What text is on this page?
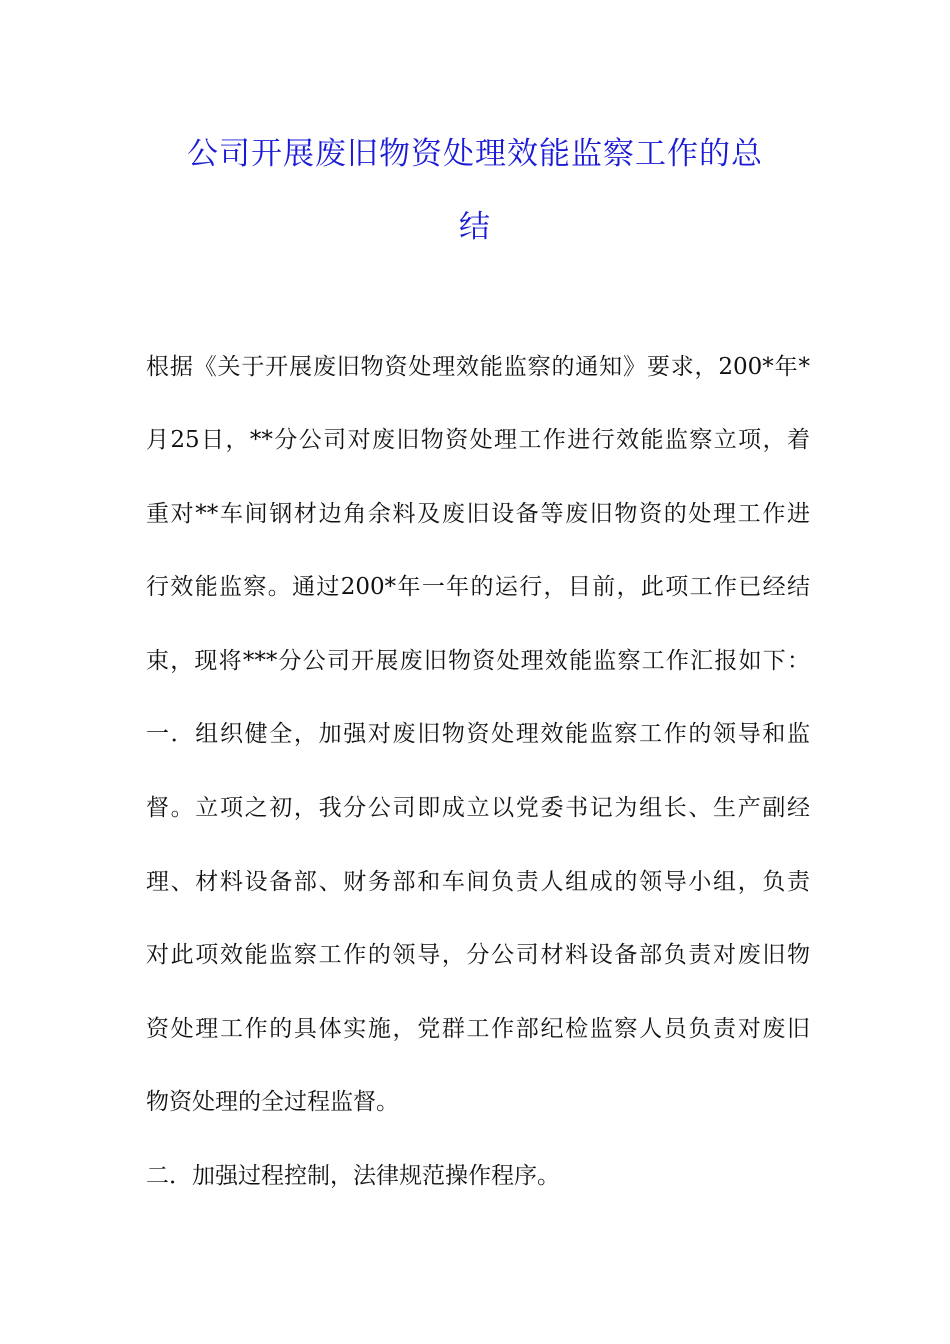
公司开展废旧物资处理效能监察工作的总
结
根据《关于开展废旧物资处理效能监察的通知》要求，200*年*
月25日，**分公司对废旧物资处理工作进行效能监察立项，着
重对**车间钢材边角余料及废旧设备等废旧物资的处理工作进
行效能监察。通过200*年一年的运行，目前，此项工作已经结
束，现将***分公司开展废旧物资处理效能监察工作汇报如下：
一．组织健全，加强对废旧物资处理效能监察工作的领导和监
督。立项之初，我分公司即成立以党委书记为组长、生产副经
理、材料设备部、财务部和车间负责人组成的领导小组，负责
对此项效能监察工作的领导，分公司材料设备部负责对废旧物
资处理工作的具体实施，党群工作部纪检监察人员负责对废旧
物资处理的全过程监督。
二．加强过程控制，法律规范操作程序。
